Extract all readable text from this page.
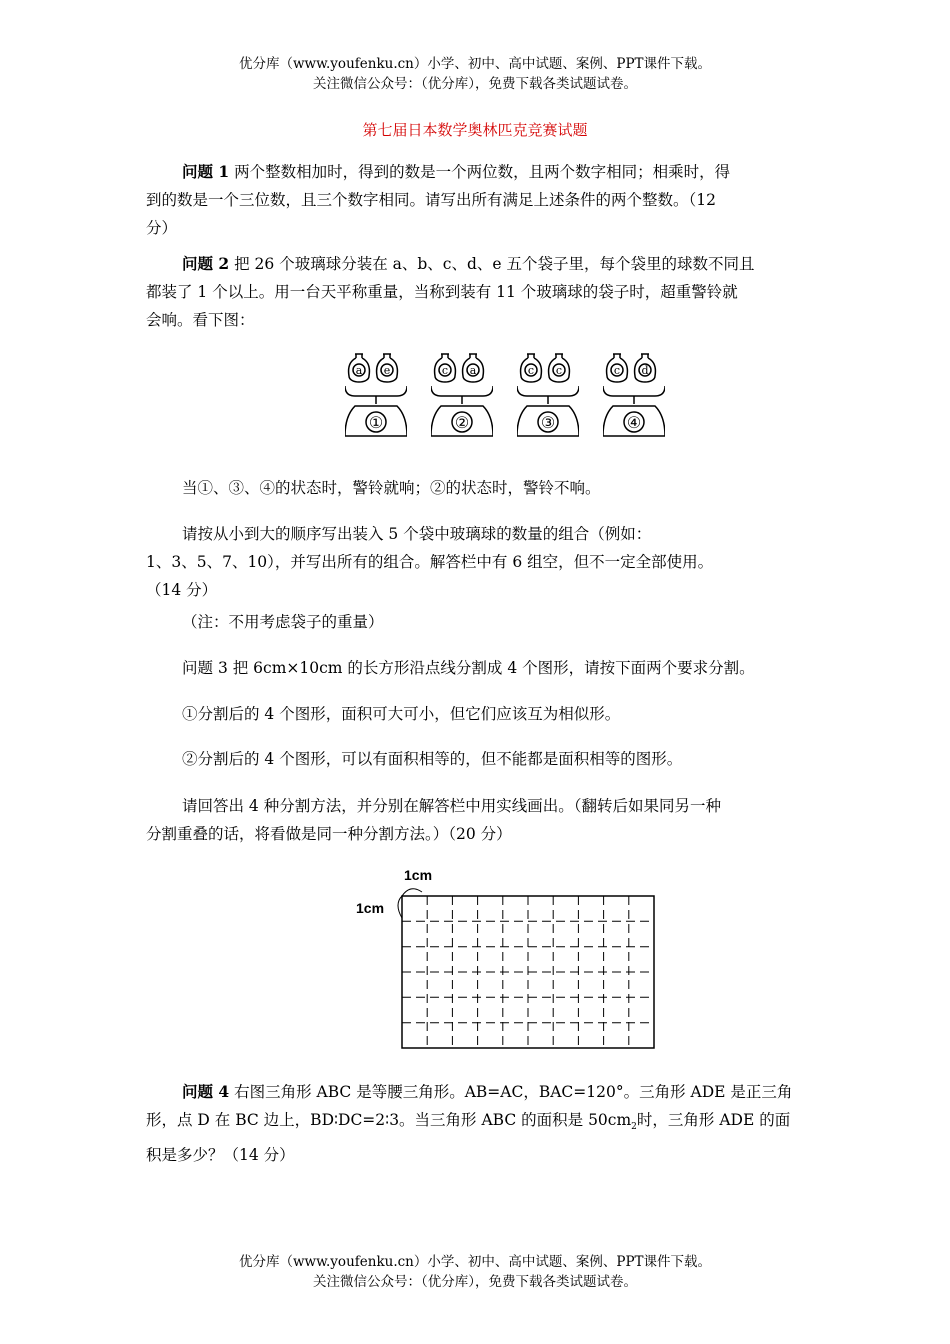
优分库（www.youfenku.cn）小学、初中、高中试题、案例、PPT课件下载。
关注微信公众号：（优分库），免费下载各类试题试卷。
第七届日本数学奥林匹克竞赛试题
问题 1 两个整数相加时，得到的数是一个两位数，且两个数字相同；相乘时，得
到的数是一个三位数，且三个数字相同。请写出所有满足上述条件的两个整数。（12
分）
问题 2 把 26 个玻璃球分装在 a、b、c、d、e 五个袋子里，每个袋里的球数不同且
都装了 1 个以上。用一台天平称重量，当称到装有 11 个玻璃球的袋子时，超重警铃就
会响。看下图：
a e
①
c a
②
c c
③
c d
④
当①、③、④的状态时，警铃就响；②的状态时，警铃不响。
请按从小到大的顺序写出装入 5 个袋中玻璃球的数量的组合（例如：
1、3、5、7、10），并写出所有的组合。解答栏中有 6 组空，但不一定全部使用。
（14 分）
（注：不用考虑袋子的重量）
问题 3 把 6cm×10cm 的长方形沿点线分割成 4 个图形，请按下面两个要求分割。
①分割后的 4 个图形，面积可大可小，但它们应该互为相似形。
②分割后的 4 个图形，可以有面积相等的，但不能都是面积相等的图形。
请回答出 4 种分割方法，并分别在解答栏中用实线画出。（翻转后如果同另一种
分割重叠的话，将看做是同一种分割方法。）（20 分）
1cm
1cm
问题 4 右图三角形 ABC 是等腰三角形。AB=AC，BAC=120°。三角形 ADE 是正三角
形，点 D 在 BC 边上，BD∶DC=2∶3。当三角形 ABC 的面积是 $50cm_2$时，三角形 ADE 的面
积是多少？（14 分）
优分库（www.youfenku.cn）小学、初中、高中试题、案例、PPT课件下载。
关注微信公众号：（优分库），免费下载各类试题试卷。
